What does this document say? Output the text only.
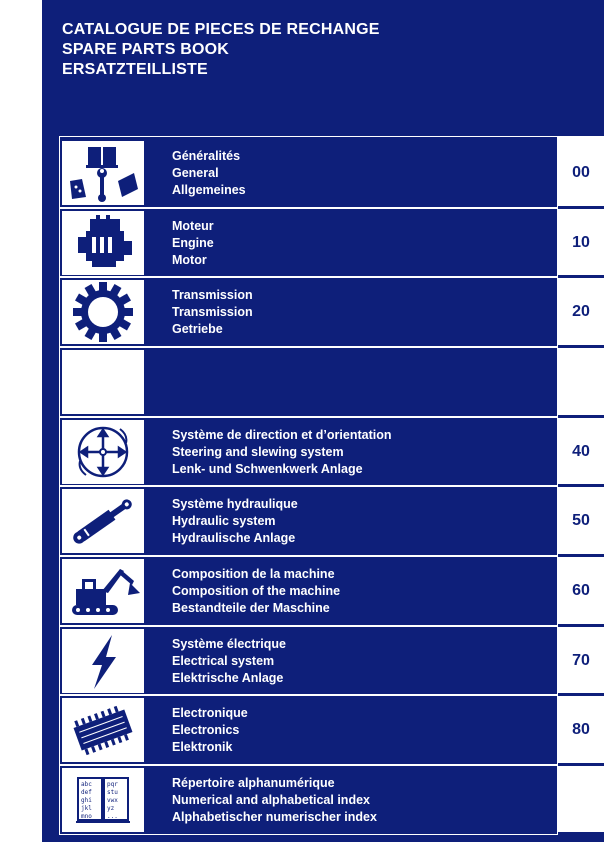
CATALOGUE DE PIECES DE RECHANGE
SPARE PARTS BOOK
ERSATZTEILLISTE
Généralités
General
Allgemeines
Moteur
Engine
Motor
Transmission
Transmission
Getriebe
Système de direction et d’orientation
Steering and slewing system
Lenk- und Schwenkwerk Anlage
Système hydraulique
Hydraulic system
Hydraulische Anlage
Composition de la machine
Composition of the machine
Bestandteile der Maschine
Système électrique
Electrical system
Elektrische Anlage
Electronique
Electronics
Elektronik
abc
def
ghi
jkl
mno
pqr
stu
vwx
yz
...
Répertoire alphanumérique
Numerical and alphabetical index
Alphabetischer numerischer index
00
10
20
40
50
60
70
80
